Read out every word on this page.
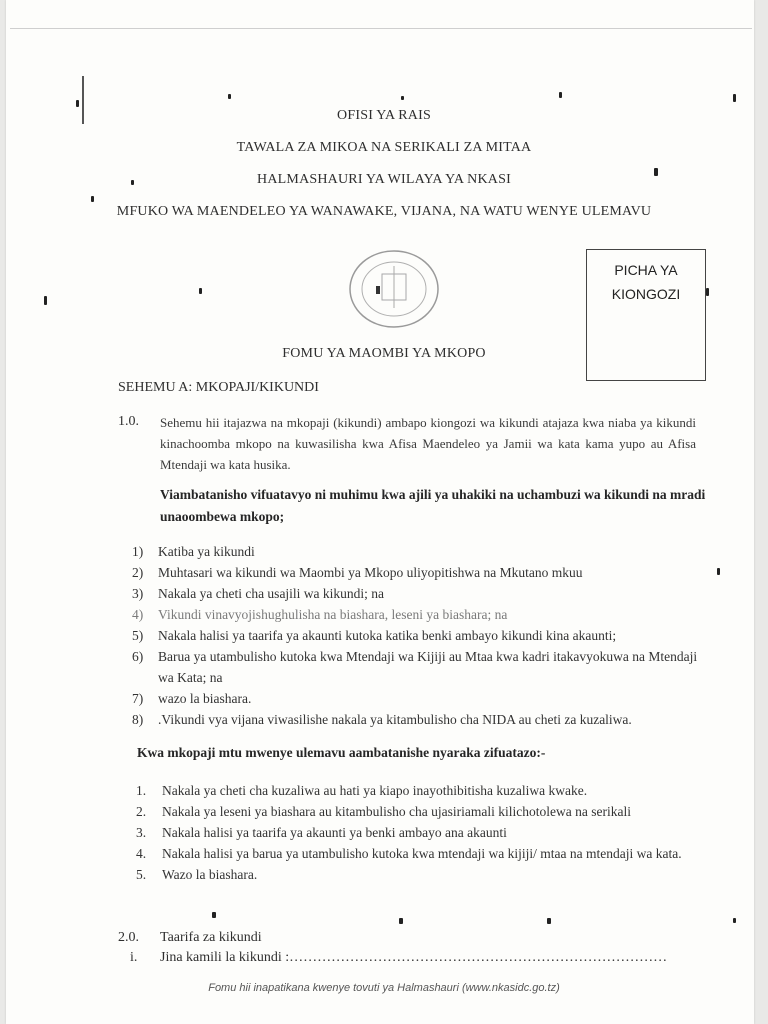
OFISI YA RAIS
TAWALA ZA MIKOA NA SERIKALI ZA MITAA
HALMASHAURI YA WILAYA YA NKASI
MFUKO WA MAENDELEO YA WANAWAKE, VIJANA, NA WATU WENYE ULEMAVU
PICHA YA
KIONGOZI
FOMU YA MAOMBI YA MKOPO
SEHEMU A: MKOPAJI/KIKUNDI
1.0. Sehemu hii itajazwa na mkopaji (kikundi) ambapo kiongozi wa kikundi atajaza kwa niaba ya kikundi kinachoomba mkopo na kuwasilisha kwa Afisa Maendeleo ya Jamii wa kata kama yupo au Afisa Mtendaji wa kata husika.
Viambatanisho vifuatavyo ni muhimu kwa ajili ya uhakiki na uchambuzi wa kikundi na mradi unaoombewa mkopo;
1) Katiba ya kikundi
2) Muhtasari wa kikundi wa Maombi ya Mkopo uliyopitishwa na Mkutano mkuu
3) Nakala ya cheti cha usajili wa kikundi; na
4) Vikundi vinavyojishughulisha na biashara, leseni ya biashara; na
5) Nakala halisi ya taarifa ya akaunti kutoka katika benki ambayo kikundi kina akaunti;
6) Barua ya utambulisho kutoka kwa Mtendaji wa Kijiji au Mtaa kwa kadri itakavyokuwa na Mtendaji wa Kata; na
7) wazo la biashara.
8) .Vikundi vya vijana viwasilishe nakala ya kitambulisho cha NIDA au cheti za kuzaliwa.
Kwa mkopaji mtu mwenye ulemavu aambatanishe nyaraka zifuatazo:-
1. Nakala ya cheti cha kuzaliwa au hati ya kiapo inayothibitisha kuzaliwa kwake.
2. Nakala ya leseni ya biashara au kitambulisho cha ujasiriamali kilichotolewa na serikali
3. Nakala halisi ya taarifa ya akaunti ya benki ambayo ana akaunti
4. Nakala halisi ya barua ya utambulisho kutoka kwa mtendaji wa kijiji/ mtaa na mtendaji wa kata.
5. Wazo la biashara.
2.0. Taarifa za kikundi
i. Jina kamili la kikundi :………………………………………………………………………
Fomu hii inapatikana kwenye tovuti ya Halmashauri (www.nkasidc.go.tz)
